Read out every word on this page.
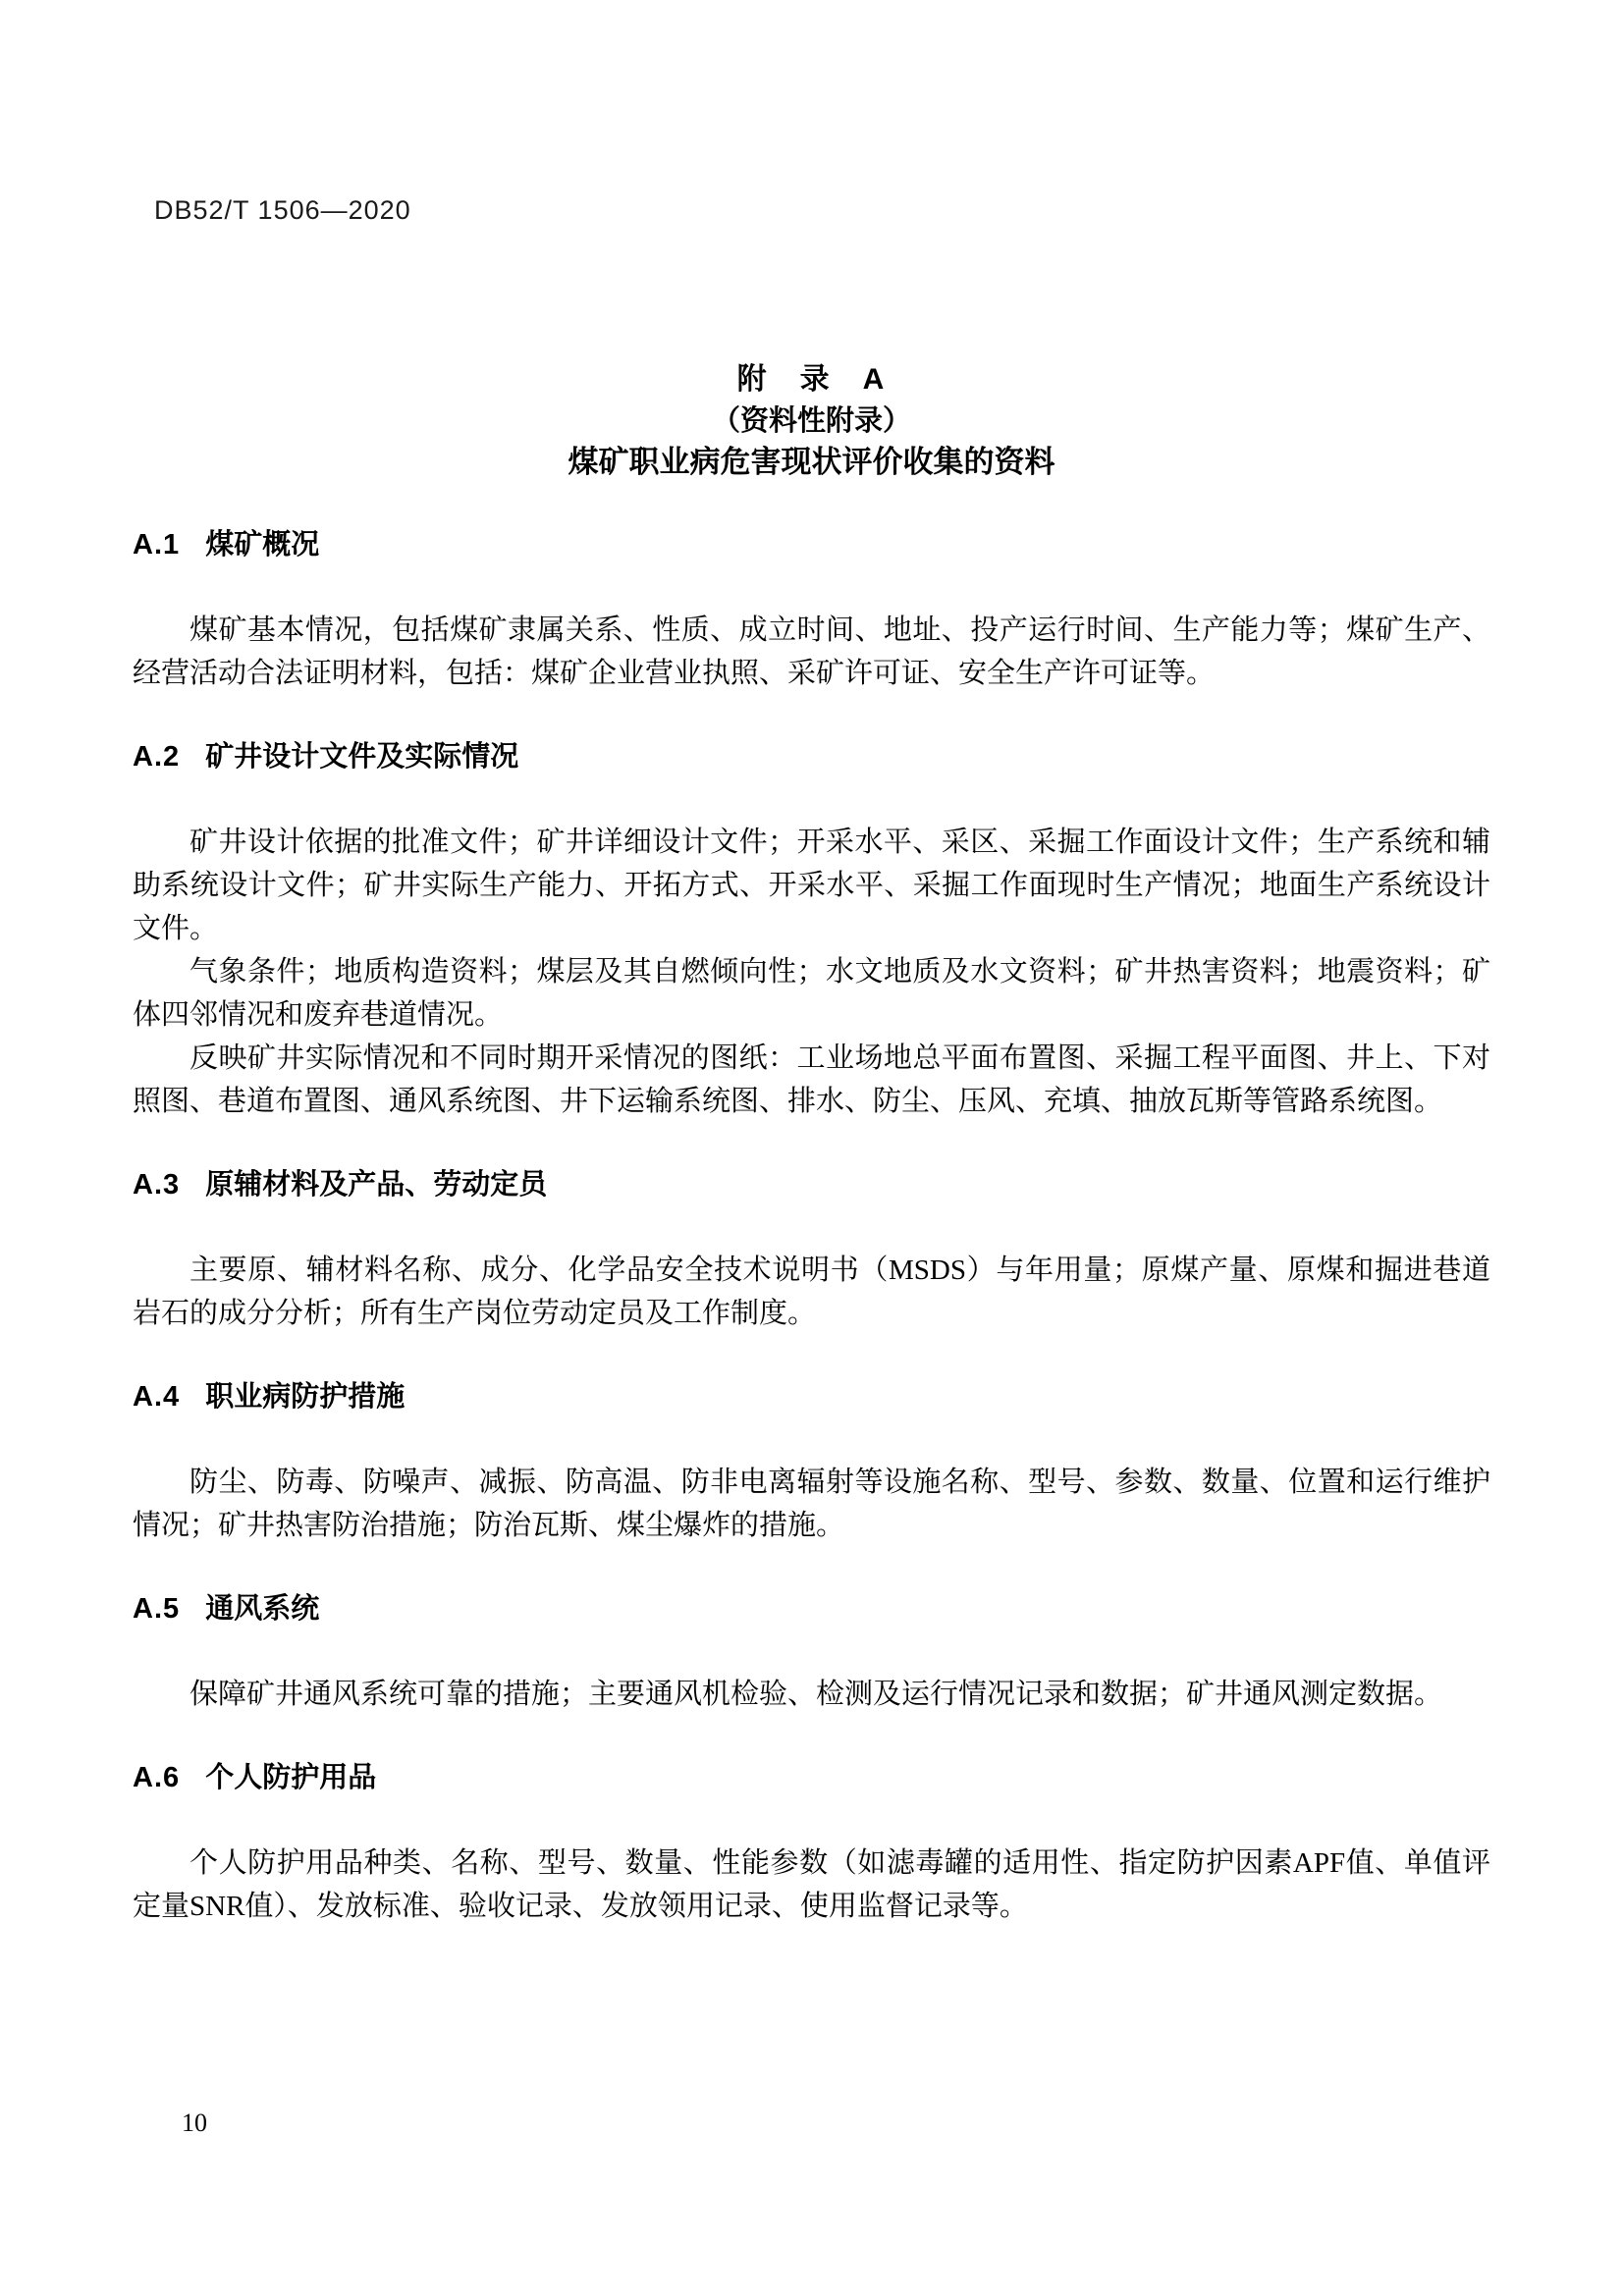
DB52/T 1506—2020
附　录　A
（资料性附录）
煤矿职业病危害现状评价收集的资料
A.1 煤矿概况

煤矿基本情况，包括煤矿隶属关系、性质、成立时间、地址、投产运行时间、生产能力等；煤矿生产、经营活动合法证明材料，包括：煤矿企业营业执照、采矿许可证、安全生产许可证等。

A.2 矿井设计文件及实际情况

矿井设计依据的批准文件；矿井详细设计文件；开采水平、采区、采掘工作面设计文件；生产系统和辅助系统设计文件；矿井实际生产能力、开拓方式、开采水平、采掘工作面现时生产情况；地面生产系统设计文件。

气象条件；地质构造资料；煤层及其自燃倾向性；水文地质及水文资料；矿井热害资料；地震资料；矿体四邻情况和废弃巷道情况。

反映矿井实际情况和不同时期开采情况的图纸：工业场地总平面布置图、采掘工程平面图、井上、下对照图、巷道布置图、通风系统图、井下运输系统图、排水、防尘、压风、充填、抽放瓦斯等管路系统图。

A.3 原辅材料及产品、劳动定员

主要原、辅材料名称、成分、化学品安全技术说明书（MSDS）与年用量；原煤产量、原煤和掘进巷道岩石的成分分析；所有生产岗位劳动定员及工作制度。

A.4 职业病防护措施

防尘、防毒、防噪声、减振、防高温、防非电离辐射等设施名称、型号、参数、数量、位置和运行维护情况；矿井热害防治措施；防治瓦斯、煤尘爆炸的措施。

A.5 通风系统

保障矿井通风系统可靠的措施；主要通风机检验、检测及运行情况记录和数据；矿井通风测定数据。

A.6 个人防护用品

个人防护用品种类、名称、型号、数量、性能参数（如滤毒罐的适用性、指定防护因素APF值、单值评定量SNR值）、发放标准、验收记录、发放领用记录、使用监督记录等。

10
